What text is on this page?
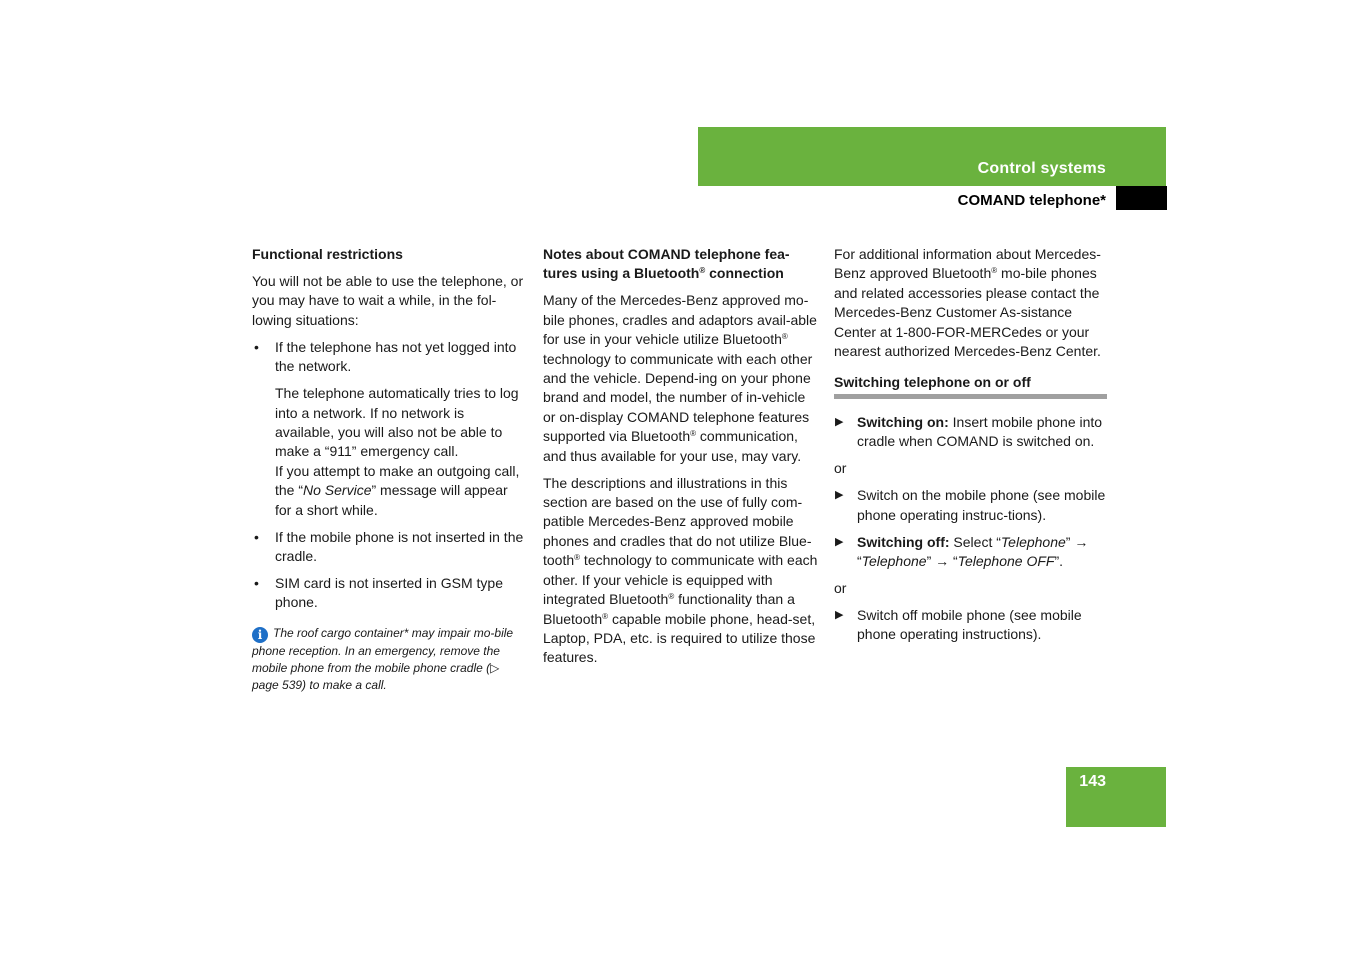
Control systems
COMAND telephone*
Functional restrictions

You will not be able to use the telephone, or you may have to wait a while, in the fol-lowing situations:

• If the telephone has not yet logged into the network.
The telephone automatically tries to log into a network. If no network is available, you will also not be able to make a “911” emergency call.
If you attempt to make an outgoing call, the “No Service” message will appear for a short while.
• If the mobile phone is not inserted in the cradle.
• SIM card is not inserted in GSM type phone.
i The roof cargo container* may impair mo-bile phone reception. In an emergency, remove the mobile phone from the mobile phone cradle (▷ page 539) to make a call.
Notes about COMAND telephone fea-tures using a Bluetooth® connection

Many of the Mercedes-Benz approved mo-bile phones, cradles and adaptors avail-able for use in your vehicle utilize Bluetooth® technology to communicate with each other and the vehicle. Depend-ing on your phone brand and model, the number of in-vehicle or on-display COMAND telephone features supported via Bluetooth® communication, and thus available for your use, may vary.

The descriptions and illustrations in this section are based on the use of fully com-patible Mercedes-Benz approved mobile phones and cradles that do not utilize Blue-tooth® technology to communicate with each other. If your vehicle is equipped with integrated Bluetooth® functionality than a Bluetooth® capable mobile phone, head-set, Laptop, PDA, etc. is required to utilize those features.

For additional information about Mercedes-Benz approved Bluetooth® mo-bile phones and related accessories please contact the Mercedes-Benz Customer As-sistance Center at 1-800-FOR-MERCedes or your nearest authorized Mercedes-Benz Center.

Switching telephone on or off
▶ Switching on: Insert mobile phone into cradle when COMAND is switched on.

or

▶ Switch on the mobile phone (see mobile phone operating instruc-tions).
▶ Switching off: Select “Telephone” → “Telephone” → “Telephone OFF”.

or

▶ Switch off mobile phone (see mobile phone operating instructions).
143
